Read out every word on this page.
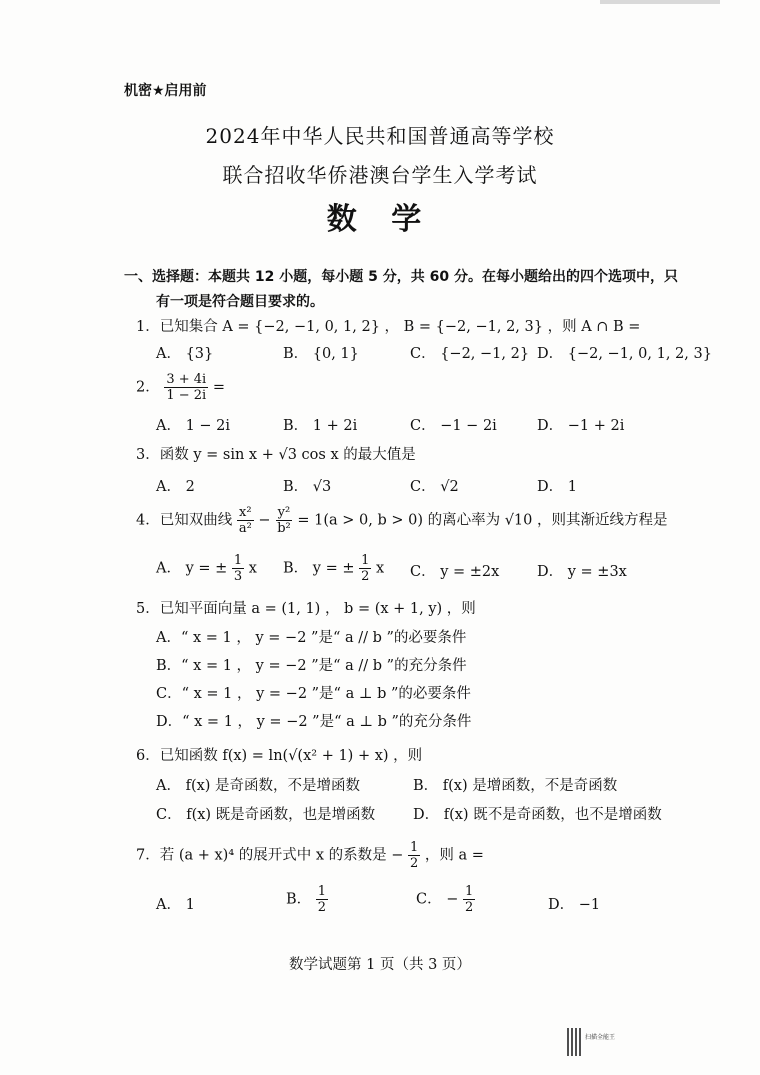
机密★启用前
2024年中华人民共和国普通高等学校
联合招收华侨港澳台学生入学考试
数 学
一、选择题：本题共 12 小题，每小题 5 分，共 60 分。在每小题给出的四个选项中，只
有一项是符合题目要求的。
1．已知集合 A = {−2, −1, 0, 1, 2} ， B = {−2, −1, 2, 3} ，则 A ∩ B =
A． {3}	B． {0, 1}	C． {−2, −1, 2} D． {−2, −1, 0, 1, 2, 3}
2． $\frac{3 + 4i}{1 - 2i}$ =
A． 1 − 2i	B． 1 + 2i	C． −1 − 2i	D． −1 + 2i
3．函数 y = sin x + √3 cos x 的最大值是
A． 2	B． √3	C． √2	D． 1
4．已知双曲线 $\frac{\text{x²}}{\text{a²}} - \frac{\text{y²}}{\text{b²}} = 1(a > 0$, b > 0) 的离心率为 √10 ，则其渐近线方程是
A． y = ± $\frac{1}{3}$ x B． y = ± $\frac{1}{2}$ x C． y = ±2x	D． y = ±3x
5．已知平面向量 a = (1, 1) ， b = (x + 1, y) ，则
A．“ x = 1 ， y = −2 ”是“ a // b ”的必要条件
B．“ x = 1 ， y = −2 ”是“ a // b ”的充分条件
C．“ x = 1 ， y = −2 ”是“ a ⊥ b ”的必要条件
D．“ x = 1 ， y = −2 ”是“ a ⊥ b ”的充分条件
6．已知函数 f(x) = ln(√(x² + 1) + x) ，则
A． f(x) 是奇函数，不是增函数	B． f(x) 是增函数，不是奇函数
C． f(x) 既是奇函数，也是增函数	D． f(x) 既不是奇函数，也不是增函数
7．若 (a + x)⁴ 的展开式中 x 的系数是 − $\frac{1}{2}$ ，则 a =
A． 1	B． $\frac{1}{2}$	C． − $\frac{1}{2}$	D． −1
数学试题第 1 页（共 3 页）
扫描全能王
